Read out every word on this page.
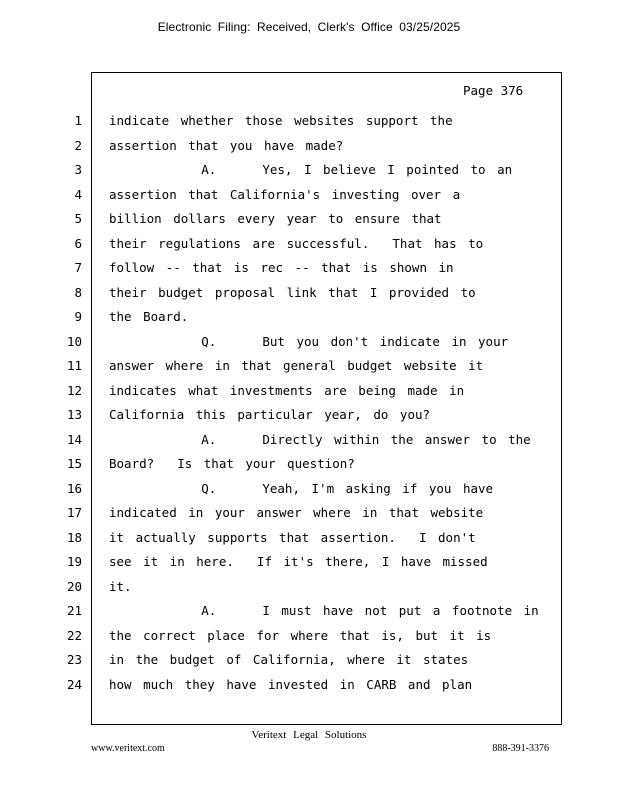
Electronic Filing: Received, Clerk's Office 03/25/2025
Page 376
1 indicate whether those websites support the
2 assertion that you have made?
3 A.    Yes, I believe I pointed to an
4 assertion that California's investing over a
5 billion dollars every year to ensure that
6 their regulations are successful.  That has to
7 follow -- that is rec -- that is shown in
8 their budget proposal link that I provided to
9 the Board.
10 Q.    But you don't indicate in your
11 answer where in that general budget website it
12 indicates what investments are being made in
13 California this particular year, do you?
14 A.    Directly within the answer to the
15 Board?  Is that your question?
16 Q.    Yeah, I'm asking if you have
17 indicated in your answer where in that website
18 it actually supports that assertion.  I don't
19 see it in here.  If it's there, I have missed
20 it.
21 A.    I must have not put a footnote in
22 the correct place for where that is, but it is
23 in the budget of California, where it states
24 how much they have invested in CARB and plan
Veritext Legal Solutions
www.veritext.com	888-391-3376
